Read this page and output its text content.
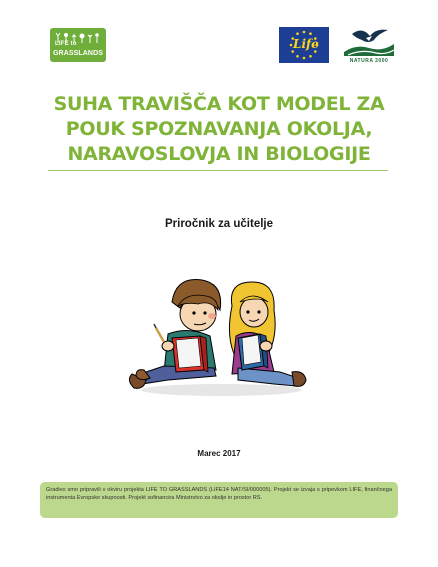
LIFE to
GRASSLANDS
Life
NATURA 2000
SUHA TRAVIŠČA KOT MODEL ZA
POUK SPOZNAVANJA OKOLJA,
NARAVOSLOVJA IN BIOLOGIJE
Priročnik za učitelje
Marec 2017

Gradivo smo pripravili v okviru projekta LIFE TO GRASSLANDS (LIFE14 NAT/SI/000005). Projekt se izvaja s pripevkom LIFE, finančnega instrumenta Evropske skupnosti. Projekt sofinancira Ministrstvo za okolje in prostor RS.
